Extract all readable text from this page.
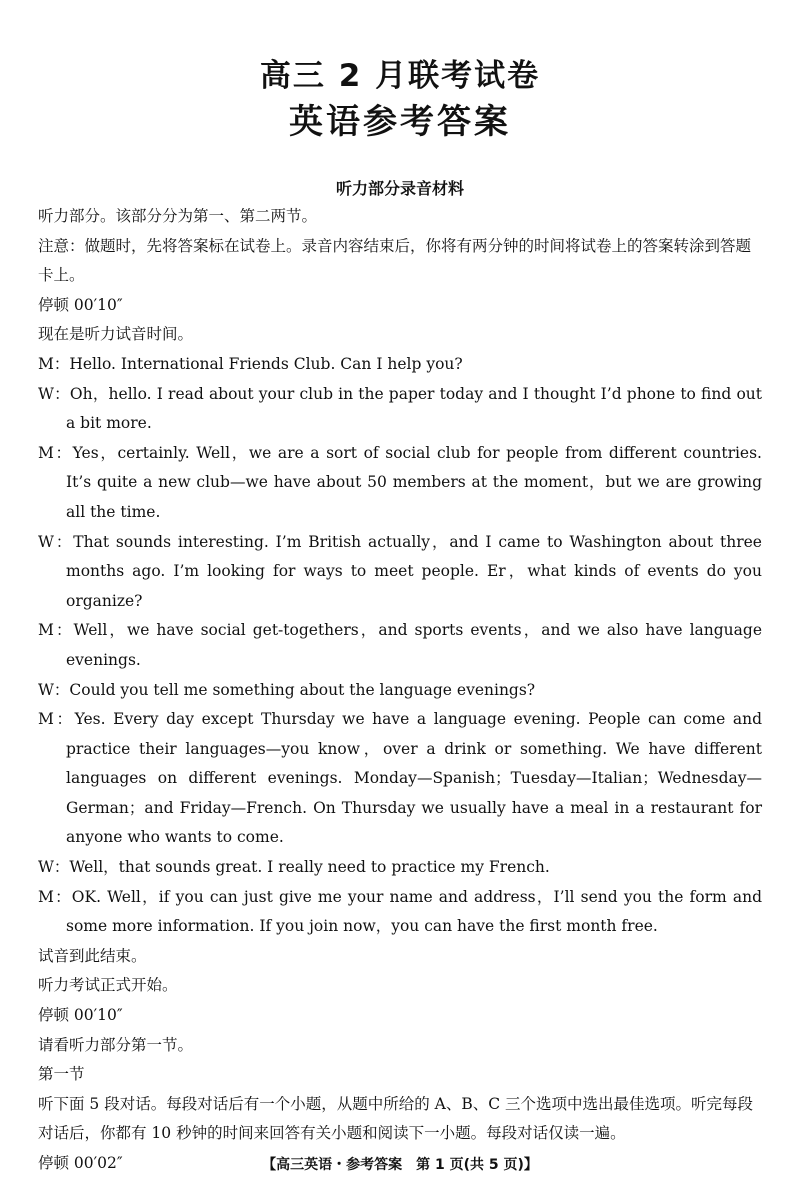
高三 2 月联考试卷
英语参考答案
听力部分录音材料

听力部分。该部分分为第一、第二两节。

注意：做题时，先将答案标在试卷上。录音内容结束后，你将有两分钟的时间将试卷上的答案转涂到答题卡上。

停顿 00′10″

现在是听力试音时间。

M：Hello. International Friends Club. Can I help you?

W：Oh，hello. I read about your club in the paper today and I thought I’d phone to find out a bit more.

M：Yes，certainly. Well，we are a sort of social club for people from different countries. It’s quite a new club—we have about 50 members at the moment，but we are growing all the time.

W：That sounds interesting. I’m British actually，and I came to Washington about three months ago. I’m looking for ways to meet people. Er，what kinds of events do you organize?

M：Well，we have social get-togethers，and sports events，and we also have language evenings.

W：Could you tell me something about the language evenings?

M：Yes. Every day except Thursday we have a language evening. People can come and practice their languages—you know，over a drink or something. We have different languages on different evenings. Monday—Spanish；Tuesday—Italian；Wednesday—German；and Friday—French. On Thursday we usually have a meal in a restaurant for anyone who wants to come.

W：Well，that sounds great. I really need to practice my French.

M：OK. Well，if you can just give me your name and address，I’ll send you the form and some more information. If you join now，you can have the first month free.

试音到此结束。

听力考试正式开始。

停顿 00′10″

请看听力部分第一节。

第一节

听下面 5 段对话。每段对话后有一个小题，从题中所给的 A、B、C 三个选项中选出最佳选项。听完每段对话后，你都有 10 秒钟的时间来回答有关小题和阅读下一小题。每段对话仅读一遍。

停顿 00′02″	【高三英语・参考答案　第 1 页(共 5 页)】
